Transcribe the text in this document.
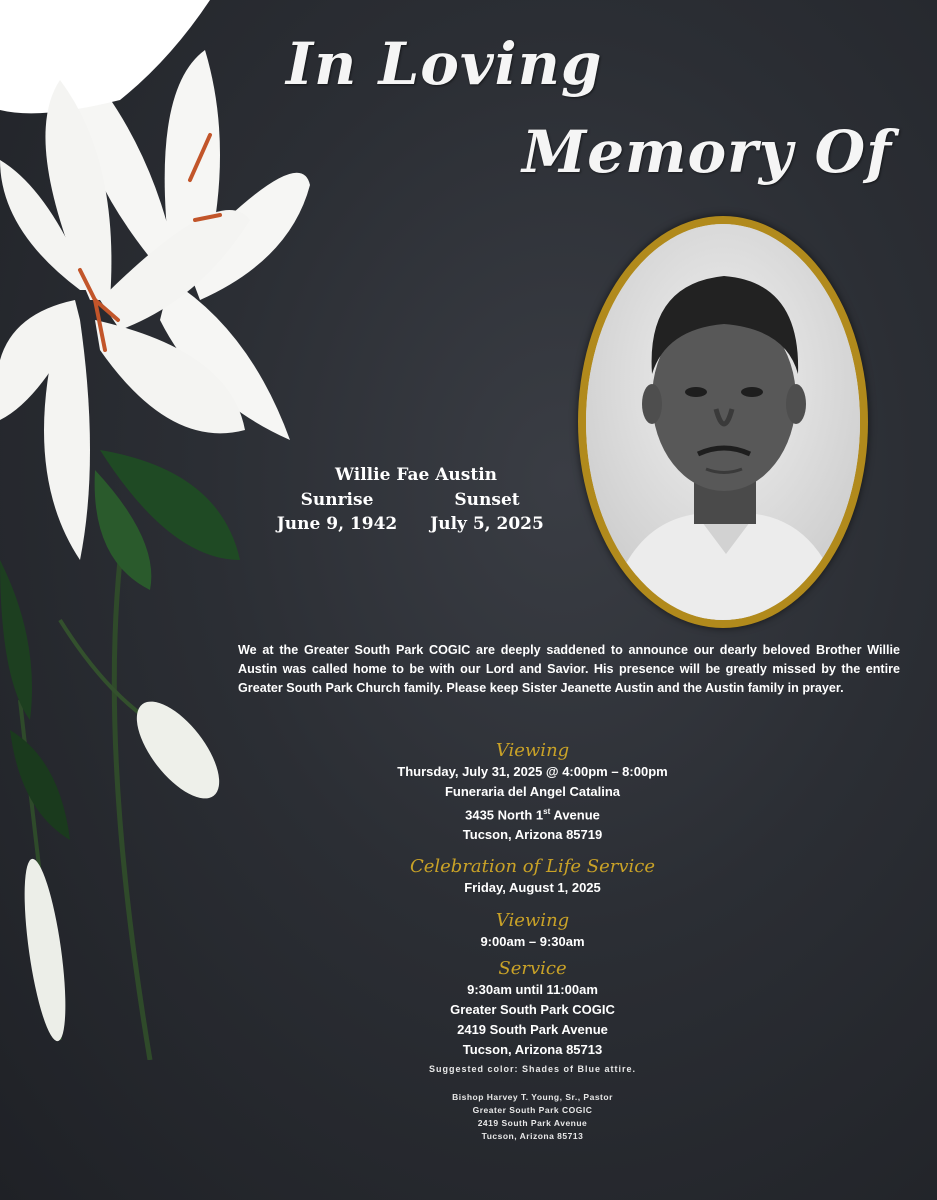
In Loving
Memory Of
Willie Fae Austin
Sunrise	Sunset
June 9, 1942	July 5, 2025

We at the Greater South Park COGIC are deeply saddened to announce our dearly beloved Brother Willie Austin was called home to be with our Lord and Savior. His presence will be greatly missed by the entire Greater South Park Church family. Please keep Sister Jeanette Austin and the Austin family in prayer.

Viewing
Thursday, July 31, 2025 @ 4:00pm – 8:00pm
Funeraria del Angel Catalina
3435 North 1st Avenue
Tucson, Arizona 85719
Celebration of Life Service
Friday, August 1, 2025
Viewing
9:00am – 9:30am
Service
9:30am until 11:00am
Greater South Park COGIC
2419 South Park Avenue
Tucson, Arizona 85713
Suggested color: Shades of Blue attire.
Bishop Harvey T. Young, Sr., Pastor
Greater South Park COGIC
2419 South Park Avenue
Tucson, Arizona 85713
